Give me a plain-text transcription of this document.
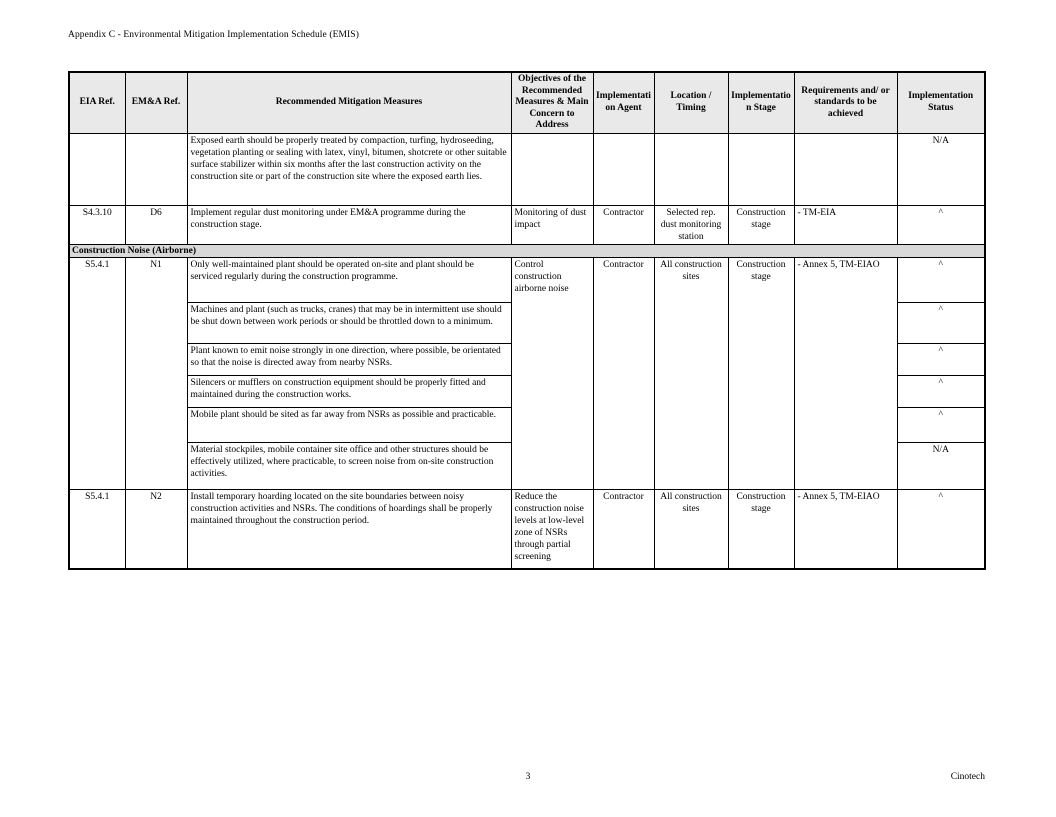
Appendix C - Environmental Mitigation Implementation Schedule (EMIS)
EIA Ref.	EM&A Ref.	Recommended Mitigation Measures	Objectives of the Recommended Measures & Main Concern to Address	Implementation Agent	Location / Timing	Implementation Stage	Requirements and/ or standards to be achieved	Implementation Status
		Exposed earth should be properly treated by compaction, turfing, hydroseeding, vegetation planting or sealing with latex, vinyl, bitumen, shotcrete or other suitable surface stabilizer within six months after the last construction activity on the construction site or part of the construction site where the exposed earth lies.						N/A
S4.3.10	D6	Implement regular dust monitoring under EM&A programme during the construction stage.	Monitoring of dust impact	Contractor	Selected rep. dust monitoring station	Construction stage	- TM-EIA	^
Construction Noise (Airborne)								
S5.4.1	N1	Only well-maintained plant should be operated on-site and plant should be serviced regularly during the construction programme.	Control construction airborne noise	Contractor	All construction sites	Construction stage	- Annex 5, TM-EIAO	^
		Machines and plant (such as trucks, cranes) that may be in intermittent use should be shut down between work periods or should be throttled down to a minimum.						^
		Plant known to emit noise strongly in one direction, where possible, be orientated so that the noise is directed away from nearby NSRs.						^
		Silencers or mufflers on construction equipment should be properly fitted and maintained during the construction works.						^
		Mobile plant should be sited as far away from NSRs as possible and practicable.						^
		Material stockpiles, mobile container site office and other structures should be effectively utilized, where practicable, to screen noise from on-site construction activities.						N/A
S5.4.1	N2	Install temporary hoarding located on the site boundaries between noisy construction activities and NSRs. The conditions of hoardings shall be properly maintained throughout the construction period.	Reduce the construction noise levels at low-level zone of NSRs through partial screening	Contractor	All construction sites	Construction stage	- Annex 5, TM-EIAO	^
3	Cinotech
